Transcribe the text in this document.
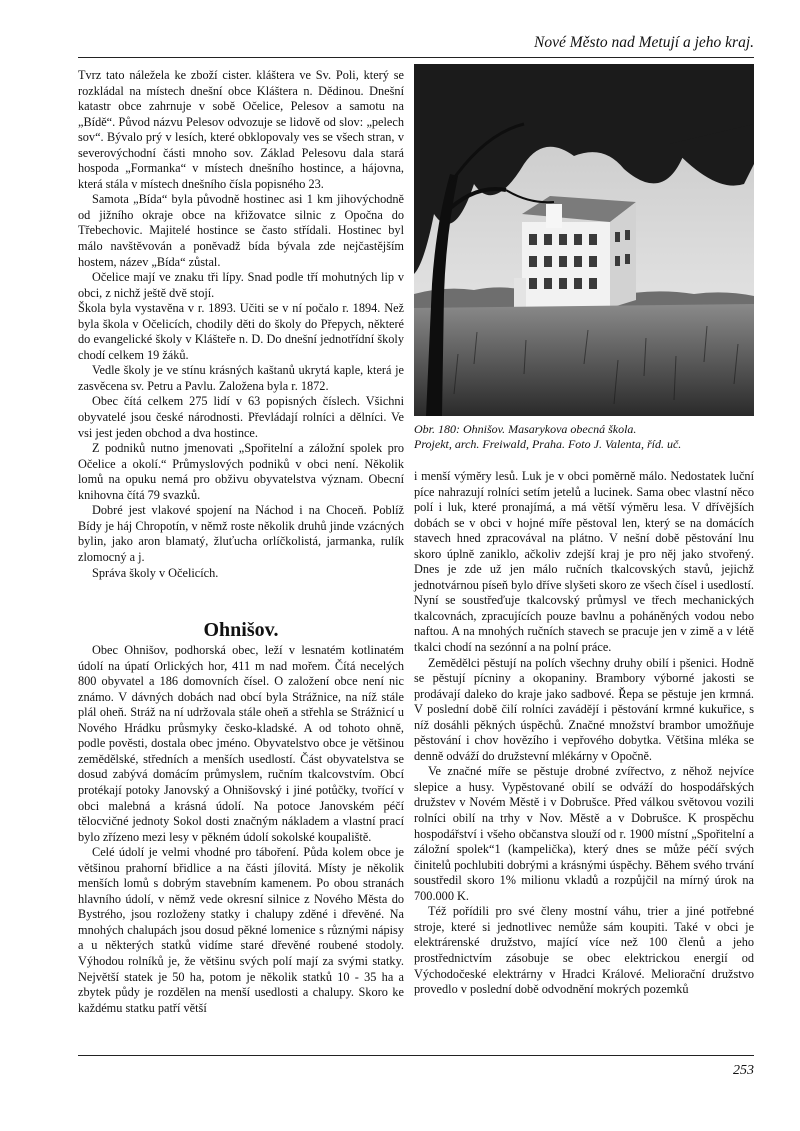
Nové Město nad Metují a jeho kraj.

Tvrz tato náležela ke zboží cister. kláštera ve Sv. Poli, který se rozkládal na místech dnešní obce Kláštera n. Dědinou. Dnešní katastr obce zahrnuje v sobě Očelice, Pelesov a samotu na „Bídě“. Původ názvu Pelesov odvozuje se lidově od slov: „pelech sov“. Bývalo prý v lesích, které obklopovaly ves se všech stran, v severovýchodní části mnoho sov. Základ Pelesovu dala stará hospoda „Formanka“ v místech dnešního hostince, a hájovna, která stála v místech dnešního čísla popisného 23.

Samota „Bída“ byla původně hostinec asi 1 km jihovýchodně od jižního okraje obce na křižovatce silnic z Opočna do Třebechovic. Majitelé hostince se často střídali. Hostinec byl málo navštěvován a poněvadž bída bývala zde nejčastějším hostem, název „Bída“ zůstal.

Očelice mají ve znaku tři lípy. Snad podle tří mohutných lip v obci, z nichž ještě dvě stojí.

Škola byla vystavěna v r. 1893. Učiti se v ní počalo r. 1894. Než byla škola v Očelicích, chodily děti do školy do Přepych, některé do evangelické školy v Klášteře n. D. Do dnešní jednotřídní školy chodí celkem 19 žáků.

Vedle školy je ve stínu krásných kaštanů ukrytá kaple, která je zasvěcena sv. Petru a Pavlu. Založena byla r. 1872.

Obec čítá celkem 275 lidí v 63 popisných číslech. Všichni obyvatelé jsou české národnosti. Převládají rolníci a dělníci. Ve vsi jest jeden obchod a dva hostince.

Z podniků nutno jmenovati „Spořitelní a záložní spolek pro Očelice a okolí.“ Průmyslových podniků v obci není. Několik lomů na opuku nemá pro obživu obyvatelstva význam. Obecní knihovna čítá 79 svazků.

Dobré jest vlakové spojení na Náchod i na Choceň. Poblíž Bídy je háj Chropotín, v němž roste několik druhů jinde vzácných bylin, jako aron blamatý, žluťucha orlíčkolistá, jarmanka, rulík zlomocný a j.

Správa školy v Očelicích.

Ohnišov.

Obec Ohnišov, podhorská obec, leží v lesnatém kotlinatém údolí na úpatí Orlických hor, 411 m nad mořem. Čítá necelých 800 obyvatel a 186 domovních čísel. O založení obce není nic známo. V dávných dobách nad obcí byla Strážnice, na níž stále plál oheň. Stráž na ní udržovala stále oheň a střehla se Strážnicí u Nového Hrádku průsmyky česko-kladské. A od tohoto ohně, podle pověsti, dostala obec jméno. Obyvatelstvo obce je většinou zemědělské, středních a menších usedlostí. Část obyvatelstva se dosud zabývá domácím průmyslem, ručním tkalcovstvím. Obcí protékají potoky Janovský a Ohnišovský i jiné potůčky, tvořící v obci malebná a krásná údolí. Na potoce Janovském péčí tělocvičné jednoty Sokol dosti značným nákladem a vlastní prací bylo zřízeno mezi lesy v pěkném údolí sokolské koupaliště.

Celé údolí je velmi vhodné pro táboření. Půda kolem obce je většinou prahorní břidlice a na části jílovitá. Místy je několik menších lomů s dobrým stavebním kamenem. Po obou stranách hlavního údolí, v němž vede okresní silnice z Nového Města do Bystrého, jsou rozloženy statky i chalupy zděné i dřevěné. Na mnohých chalupách jsou dosud pěkné lomenice s různými nápisy a u některých statků vidíme staré dřevěné roubené stodoly. Výhodou rolníků je, že většinu svých polí mají za svými statky. Největší statek je 50 ha, potom je několik statků 10 - 35 ha a zbytek půdy je rozdělen na menší usedlosti a chalupy. Skoro ke každému statku patří větší

Obr. 180: Ohnišov. Masarykova obecná škola.
Projekt, arch. Freiwald, Praha. Foto J. Valenta, říd. uč.

i menší výměry lesů. Luk je v obci poměrně málo. Nedostatek luční píce nahrazují rolníci setím jetelů a lucinek. Sama obec vlastní něco polí i luk, které pronajímá, a má větší výměru lesa. V dřívějších dobách se v obci v hojné míře pěstoval len, který se na domácích stavech hned zpracovával na plátno. V nešní době pěstování lnu skoro úplně zaniklo, ačkoliv zdejší kraj je pro něj jako stvořený. Dnes je zde už jen málo ručních tkalcovských stavů, jejichž jednotvárnou píseň bylo dříve slyšeti skoro ze všech čísel i usedlostí. Nyní se soustřeďuje tkalcovský průmysl ve třech mechanických tkalcovnách, zpracujících pouze bavlnu a poháněných vodou nebo naftou. A na mnohých ručních stavech se pracuje jen v zimě a v létě tkalci chodí na sezónní a na polní práce.

Zemědělci pěstují na polích všechny druhy obilí i pšenici. Hodně se pěstují pícniny a okopaniny. Brambory výborné jakosti se prodávají daleko do kraje jako sadbové. Řepa se pěstuje jen krmná. V poslední době čilí rolníci zavádějí i pěstování krmné kukuřice, s níž dosáhli pěkných úspěchů. Značné množství brambor umožňuje pěstování i chov hovězího i vepřového dobytka. Většina mléka se denně odváží do družstevní mlékárny v Opočně.

Ve značné míře se pěstuje drobné zvířectvo, z něhož nejvíce slepice a husy. Vypěstované obilí se odváží do hospodářských družstev v Novém Městě i v Dobrušce. Před válkou světovou vozili rolníci obilí na trhy v Nov. Městě a v Dobrušce. K prospěchu hospodářství i všeho občanstva slouží od r. 1900 místní „Spořitelní a záložní spolek“1 (kampelička), který dnes se může péčí svých činitelů pochlubiti dobrými a krásnými úspěchy. Během svého trvání soustředil skoro 1% milionu vkladů a rozpůjčil na mírný úrok na 700.000 K.

Též pořídili pro své členy mostní váhu, trier a jiné potřebné stroje, které si jednotlivec nemůže sám koupiti. Také v obci je elektrárenské družstvo, mající více než 100 členů a jeho prostřednictvím zásobuje se obec elektrickou energií od Východočeské elektrárny v Hradci Králové. Meliorační družstvo provedlo v poslední době odvodnění mokrých pozemků

253
